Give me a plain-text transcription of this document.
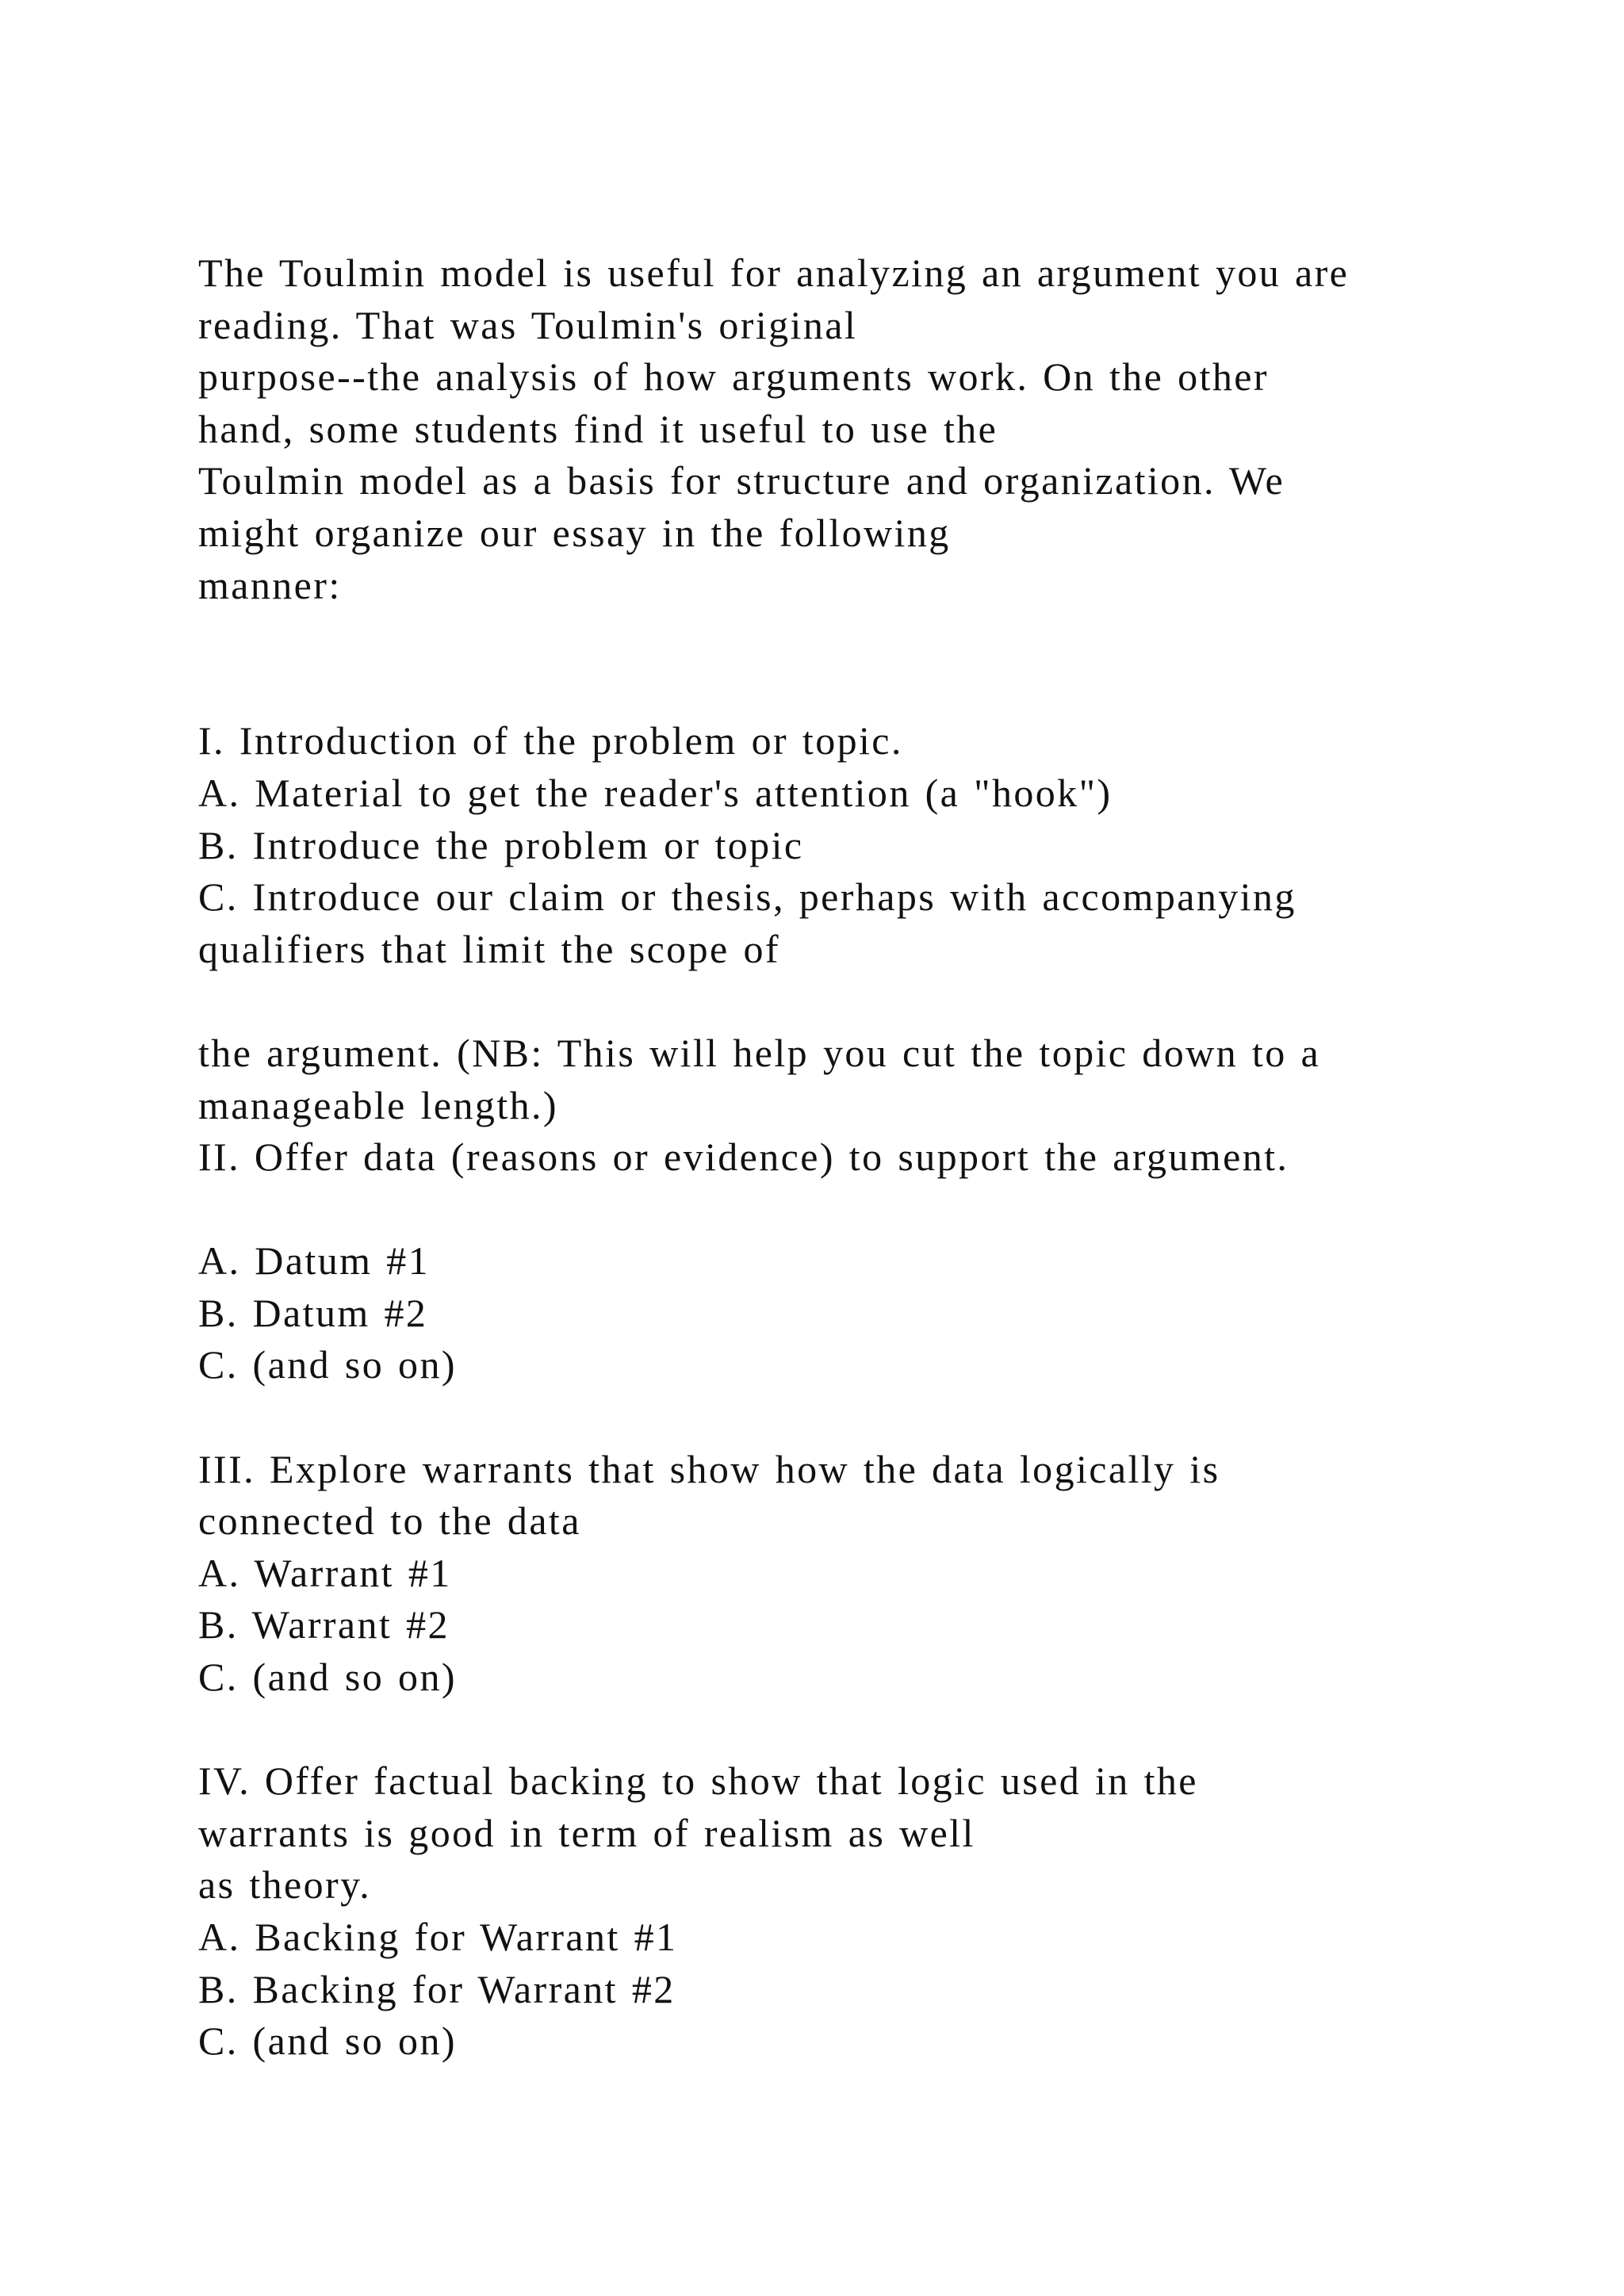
The Toulmin model is useful for analyzing an argument you are
reading. That was Toulmin's original
purpose--the analysis of how arguments work. On the other
hand, some students find it useful to use the
Toulmin model as a basis for structure and organization. We
might organize our essay in the following
manner:
I. Introduction of the problem or topic.
A. Material to get the reader's attention (a "hook")
B. Introduce the problem or topic
C. Introduce our claim or thesis, perhaps with accompanying
qualifiers that limit the scope of
the argument. (NB: This will help you cut the topic down to a
manageable length.)
II. Offer data (reasons or evidence) to support the argument.
A. Datum #1
B. Datum #2
C. (and so on)
III. Explore warrants that show how the data logically is
connected to the data
A. Warrant #1
B. Warrant #2
C. (and so on)
IV. Offer factual backing to show that logic used in the
warrants is good in term of realism as well
as theory.
A. Backing for Warrant #1
B. Backing for Warrant #2
C. (and so on)
